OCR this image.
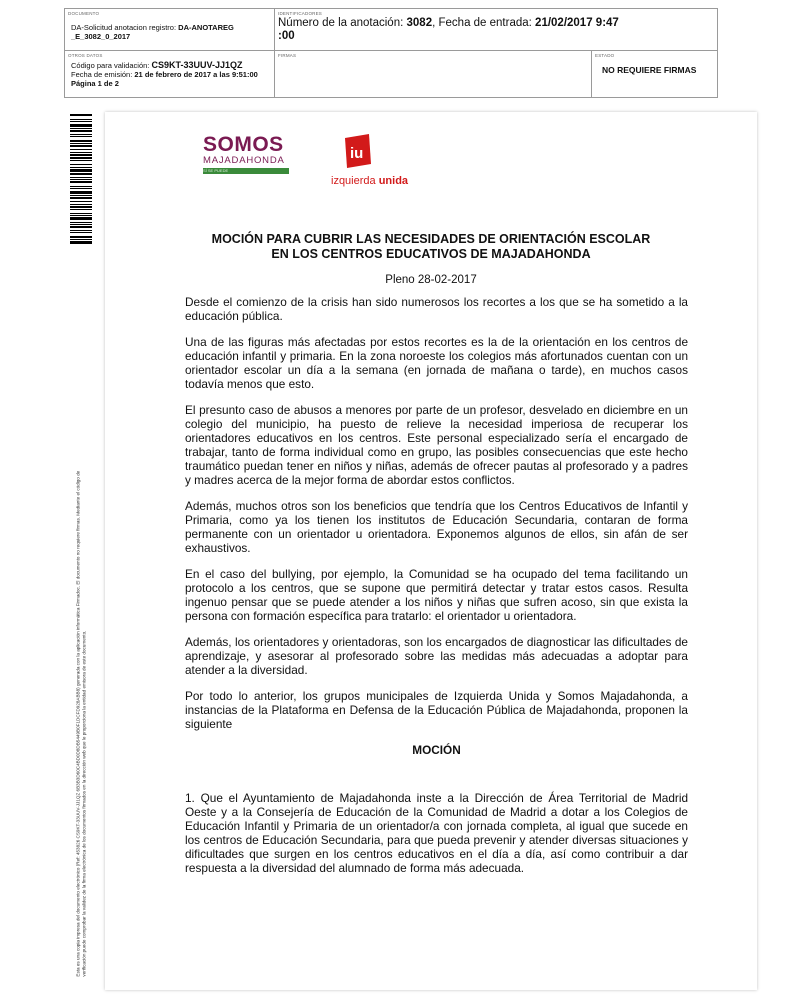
DOCUMENTO
DA-Solicitud anotacion registro: DA-ANOTAREG
_E_3082_0_2017
IDENTIFICADORES
Número de la anotación: 3082, Fecha de entrada: 21/02/2017 9:47
:00
OTROS DATOS
Código para validación: CS9KT-33UUV-JJ1QZ
Fecha de emisión: 21 de febrero de 2017 a las 9:51:00
Página 1 de 2
FIRMAS	ESTADO
NO REQUIERE FIRMAS
Esta es una copia impresa del documento electrónico (Ref: 453826 CS9KT-33UUV-JJ1QZ 6B3B3D60C4BD0D8DB5449B0F1DCFD928ABB8) generada con la aplicación informática Firmadoc. El documento no requiere firmas. Mediante el código de verificación puede comprobar la validez de la firma electrónica de los documentos firmados en la dirección web que le proporciona la entidad emisora de este documento.
SOMOS
MAJADAHONDA
SÍ SE PUEDE
iu
izquierda unida
MOCIÓN PARA CUBRIR LAS NECESIDADES DE ORIENTACIÓN ESCOLAR
EN LOS CENTROS EDUCATIVOS DE MAJADAHONDA
Pleno 28-02-2017

Desde el comienzo de la crisis han sido numerosos los recortes a los que se ha sometido a la educación pública.

Una de las figuras más afectadas por estos recortes es la de la orientación en los centros de educación infantil y primaria. En la zona noroeste los colegios más afortunados cuentan con un orientador escolar un día a la semana (en jornada de mañana o tarde), en muchos casos todavía menos que esto.

El presunto caso de abusos a menores por parte de un profesor, desvelado en diciembre en un colegio del municipio, ha puesto de relieve la necesidad imperiosa de recuperar los orientadores educativos en los centros. Este personal especializado sería el encargado de trabajar, tanto de forma individual como en grupo, las posibles consecuencias que este hecho traumático puedan tener en niños y niñas, además de ofrecer pautas al profesorado y a padres y madres acerca de la mejor forma de abordar estos conflictos.

Además, muchos otros son los beneficios que tendría que los Centros Educativos de Infantil y Primaria, como ya los tienen los institutos de Educación Secundaria, contaran de forma permanente con un orientador u orientadora. Exponemos algunos de ellos, sin afán de ser exhaustivos.

En el caso del bullying, por ejemplo, la Comunidad se ha ocupado del tema facilitando un protocolo a los centros, que se supone que permitirá detectar y tratar estos casos. Resulta ingenuo pensar que se puede atender a los niños y niñas que sufren acoso, sin que exista la persona con formación específica para tratarlo: el orientador u orientadora.

Además, los orientadores y orientadoras, son los encargados de diagnosticar las dificultades de aprendizaje, y asesorar al profesorado sobre las medidas más adecuadas a adoptar para atender a la diversidad.

Por todo lo anterior, los grupos municipales de Izquierda Unida y Somos Majadahonda, a instancias de la Plataforma en Defensa de la Educación Pública de Majadahonda, proponen la siguiente

MOCIÓN

1. Que el Ayuntamiento de Majadahonda inste a la Dirección de Área Territorial de Madrid Oeste y a la Consejería de Educación de la Comunidad de Madrid a dotar a los Colegios de Educación Infantil y Primaria de un orientador/a con jornada completa, al igual que sucede en los centros de Educación Secundaria, para que pueda prevenir y atender diversas situaciones y dificultades que surgen en los centros educativos en el día a día, así como contribuir a dar respuesta a la diversidad del alumnado de forma más adecuada.
